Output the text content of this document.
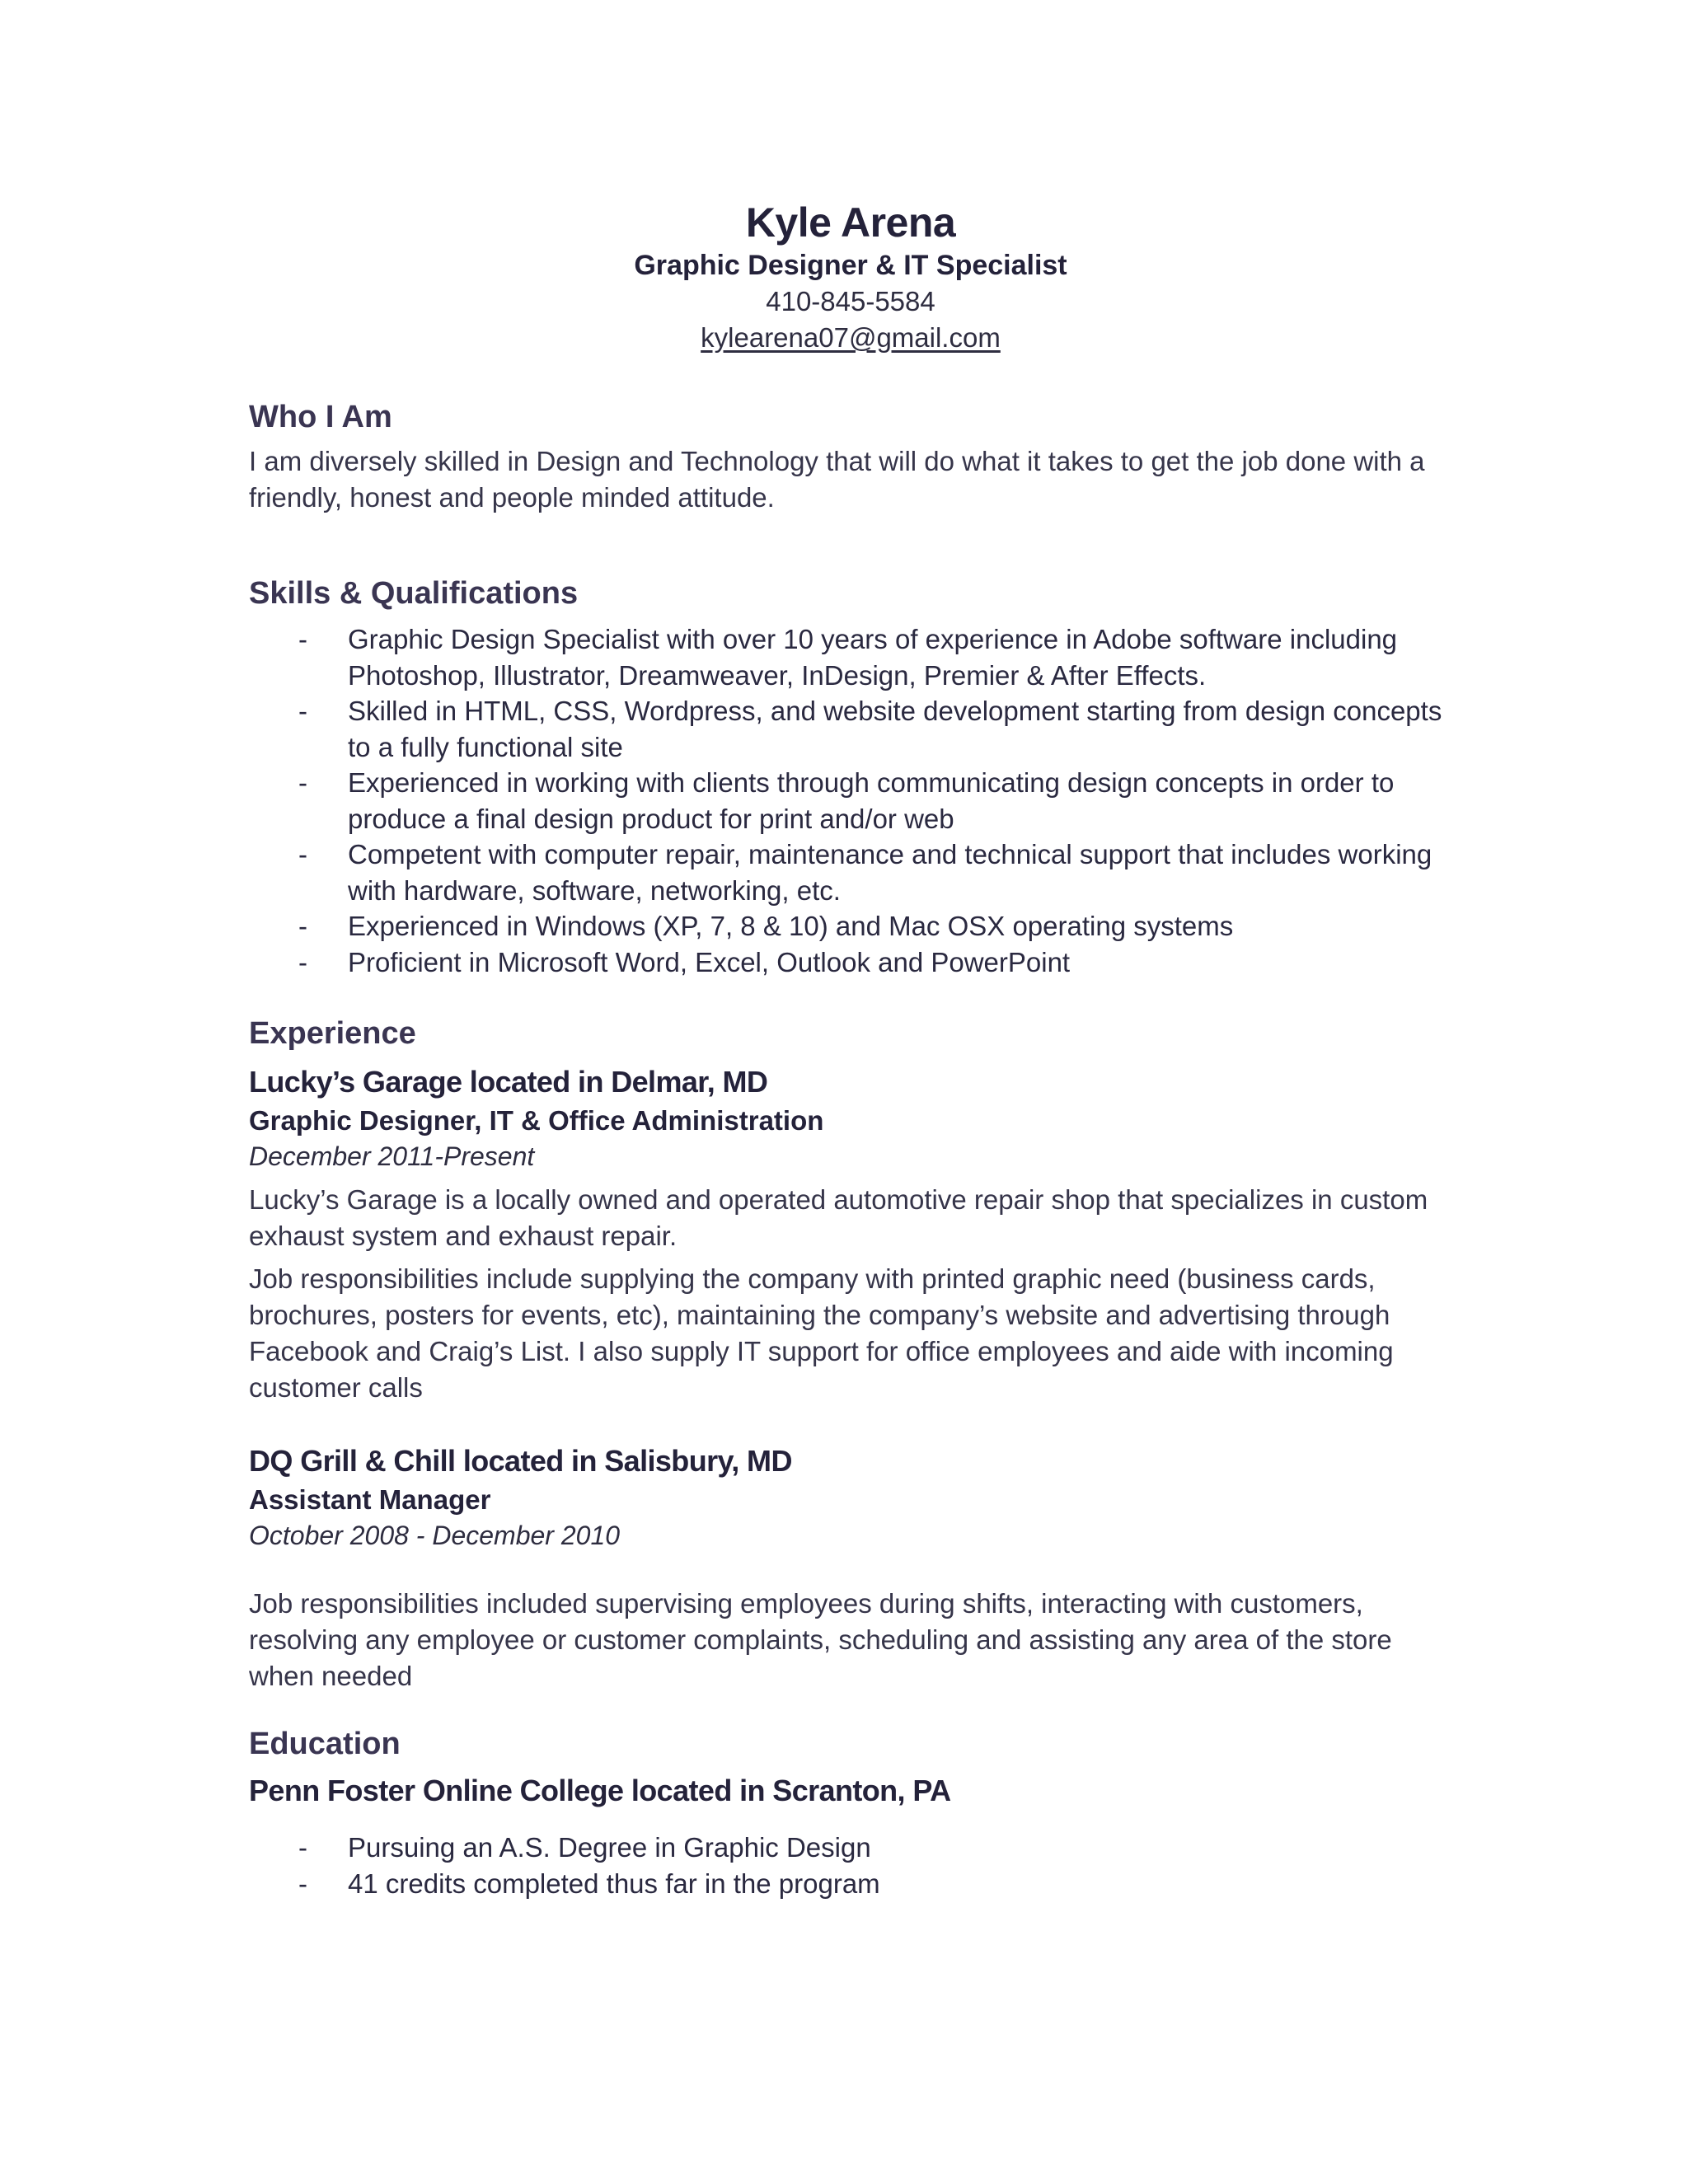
Kyle Arena
Graphic Designer & IT Specialist
410-845-5584
kylearena07@gmail.com
Who I Am
I am diversely skilled in Design and Technology that will do what it takes to get the job done with a friendly, honest and people minded attitude.
Skills & Qualifications
- Graphic Design Specialist with over 10 years of experience in Adobe software including Photoshop, Illustrator, Dreamweaver, InDesign, Premier & After Effects.
- Skilled in HTML, CSS, Wordpress, and website development starting from design concepts to a fully functional site
- Experienced in working with clients through communicating design concepts in order to produce a final design product for print and/or web
- Competent with computer repair, maintenance and technical support that includes working with hardware, software, networking, etc.
- Experienced in Windows (XP, 7, 8 & 10) and Mac OSX operating systems
- Proficient in Microsoft Word, Excel, Outlook and PowerPoint
Experience
Lucky’s Garage located in Delmar, MD
Graphic Designer, IT & Office Administration
December 2011-Present
Lucky’s Garage is a locally owned and operated automotive repair shop that specializes in custom exhaust system and exhaust repair.
Job responsibilities include supplying the company with printed graphic need (business cards, brochures, posters for events, etc), maintaining the company’s website and advertising through Facebook and Craig’s List. I also supply IT support for office employees and aide with incoming customer calls
DQ Grill & Chill located in Salisbury, MD
Assistant Manager
October 2008 - December 2010
Job responsibilities included supervising employees during shifts, interacting with customers, resolving any employee or customer complaints, scheduling and assisting any area of the store when needed
Education
Penn Foster Online College located in Scranton, PA
- Pursuing an A.S. Degree in Graphic Design
- 41 credits completed thus far in the program
